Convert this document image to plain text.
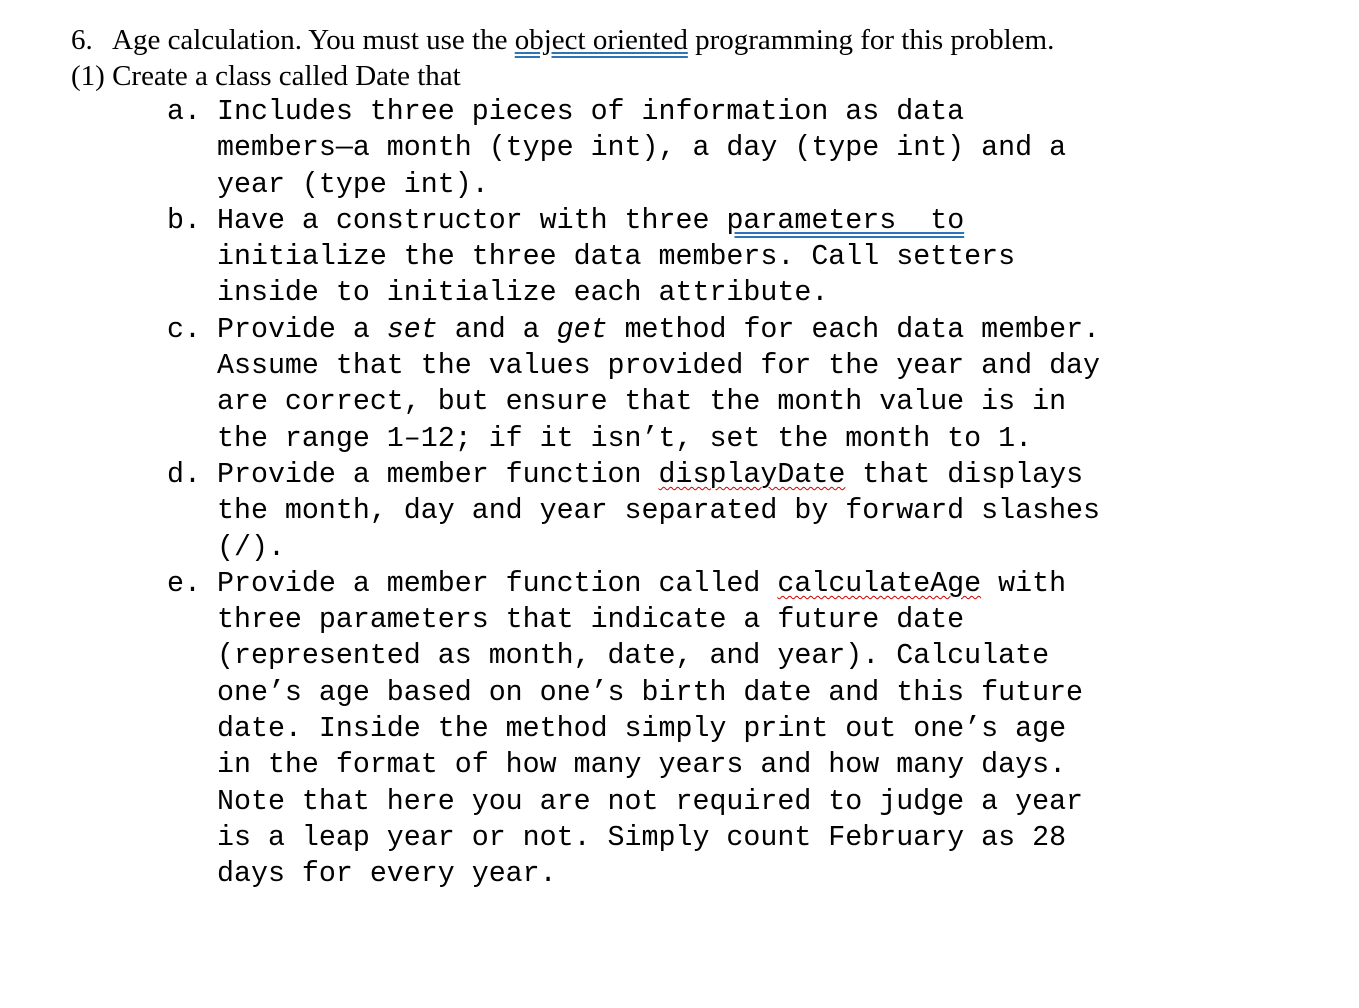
6. Age calculation. You must use the object oriented programming for this problem.
(1) Create a class called Date that
a. Includes three pieces of information as data
members—a month (type int), a day (type int) and a
year (type int).
b. Have a constructor with three parameters  to
initialize the three data members. Call setters
inside to initialize each attribute.
c. Provide a set and a get method for each data member.
Assume that the values provided for the year and day
are correct, but ensure that the month value is in
the range 1–12; if it isn’t, set the month to 1.
d. Provide a member function displayDate that displays
the month, day and year separated by forward slashes
(/).
e. Provide a member function called calculateAge with
three parameters that indicate a future date
(represented as month, date, and year). Calculate
one’s age based on one’s birth date and this future
date. Inside the method simply print out one’s age
in the format of how many years and how many days.
Note that here you are not required to judge a year
is a leap year or not. Simply count February as 28
days for every year.
